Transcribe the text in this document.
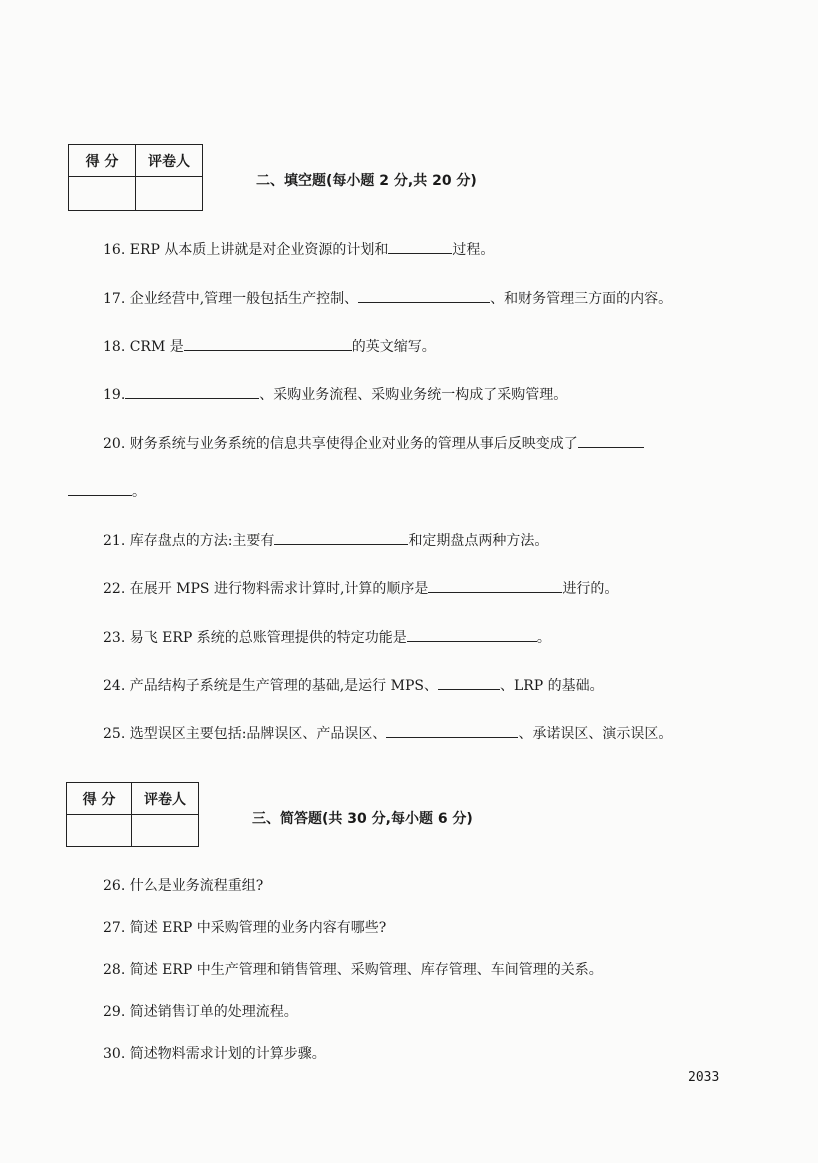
得 分	评卷人

二、填空题(每小题 2 分,共 20 分)
16. ERP 从本质上讲就是对企业资源的计划和	过程。
17. 企业经营中,管理一般包括生产控制、	、和财务管理三方面的内容。
18. CRM 是	的英文缩写。
19.	、采购业务流程、采购业务统一构成了采购管理。
20. 财务系统与业务系统的信息共享使得企业对业务的管理从事后反映变成了
。
21. 库存盘点的方法:主要有	和定期盘点两种方法。
22. 在展开 MPS 进行物料需求计算时,计算的顺序是	进行的。
23. 易飞 ERP 系统的总账管理提供的特定功能是	。
24. 产品结构子系统是生产管理的基础,是运行 MPS、	、LRP 的基础。
25. 选型误区主要包括:品牌误区、产品误区、	、承诺误区、演示误区。
得 分	评卷人

三、简答题(共 30 分,每小题 6 分)
26. 什么是业务流程重组?
27. 简述 ERP 中采购管理的业务内容有哪些?
28. 简述 ERP 中生产管理和销售管理、采购管理、库存管理、车间管理的关系。
29. 简述销售订单的处理流程。
30. 简述物料需求计划的计算步骤。
2033
